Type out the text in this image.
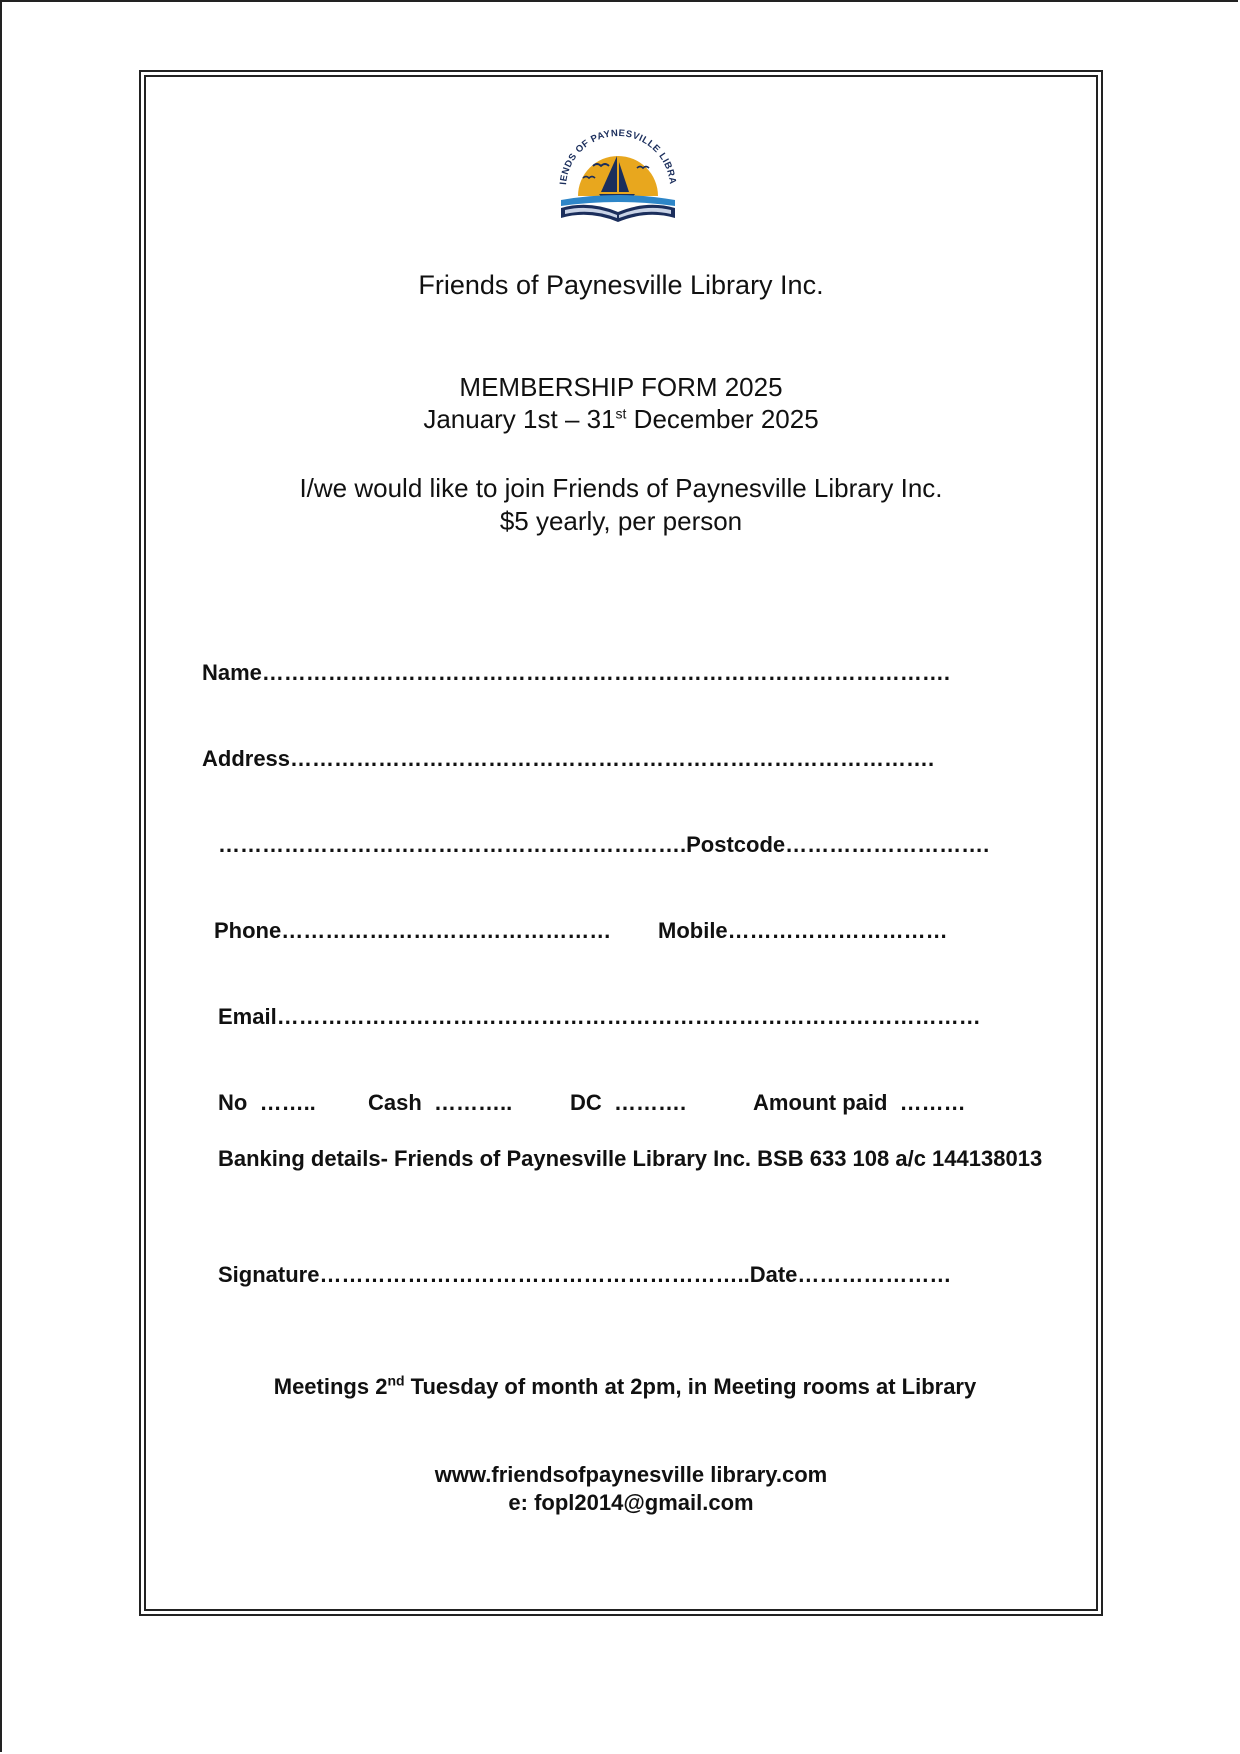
IENDS OF PAYNESVILLE LIBRA
Friends of Paynesville Library Inc.
MEMBERSHIP FORM 2025
January 1st – 31st December 2025
I/we would like to join Friends of Paynesville Library Inc.
$5 yearly, per person
Name………………………………………………………………………………….
Address…………………………………………………………………………….
……………………………………………………….Postcode……………………….
Phone……………………………………… Mobile…………………………
Email……………………………………………………………………………………
No …….. Cash ………..	DC ……….	Amount paid ………
Banking details- Friends of Paynesville Library Inc. BSB 633 108 a/c 144138013
Signature…………………………………………………..Date…………………
Meetings 2nd Tuesday of month at 2pm, in Meeting rooms at Library
www.friendsofpaynesville library.com
e: fopl2014@gmail.com
